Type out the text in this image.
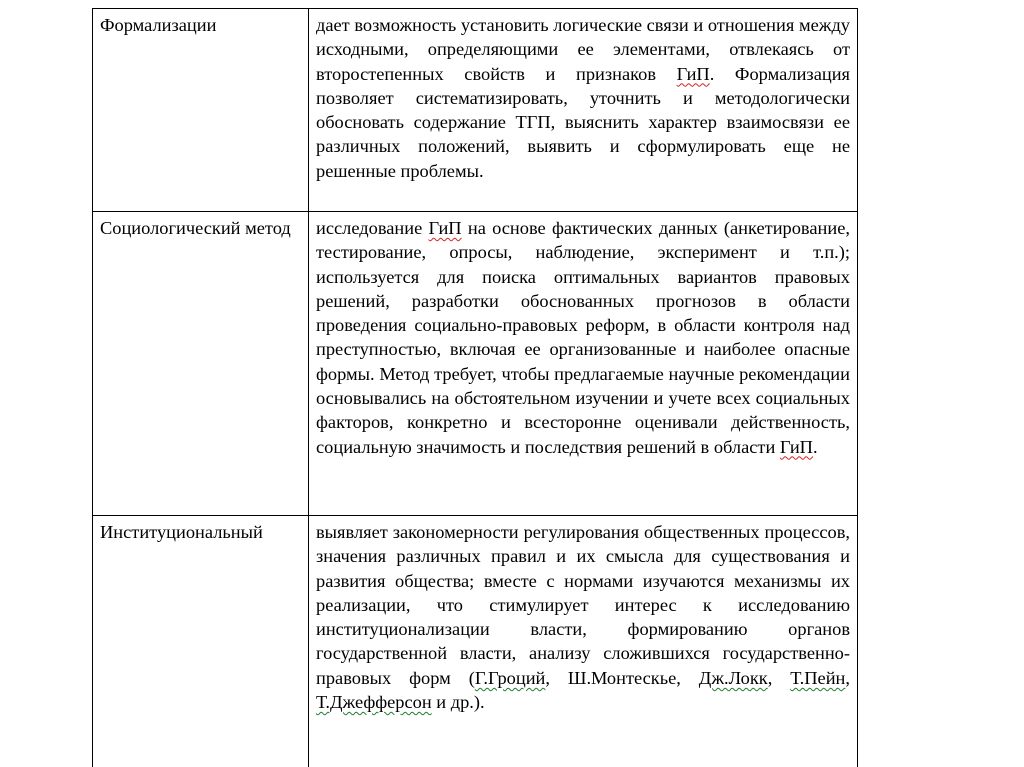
Формализации	дает возможность установить логические связи и отношения между исходными, определяющими ее элементами, отвлекаясь от второстепенных свойств и признаков ГиП. Формализация позволяет систематизировать, уточнить и методологически обосновать содержание ТГП, выяснить характер взаимосвязи ее различных положений, выявить и сформулировать еще не решенные проблемы.
Социологический метод	исследование ГиП на основе фактических данных (анкетирование, тестирование, опросы, наблюдение, эксперимент и т.п.); используется для поиска оптимальных вариантов правовых решений, разработки обоснованных прогнозов в области проведения социально-правовых реформ, в области контроля над преступностью, включая ее организованные и наиболее опасные формы. Метод требует, чтобы предлагаемые научные рекомендации основывались на обстоятельном изучении и учете всех социальных факторов, конкретно и всесторонне оценивали действенность, социальную значимость и последствия решений в области ГиП.
Институциональный	выявляет закономерности регулирования общественных процессов, значения различных правил и их смысла для существования и развития общества; вместе с нормами изучаются механизмы их реализации, что стимулирует интерес к исследованию институционализации власти, формированию органов государственной власти, анализу сложившихся государственно-правовых форм (Г.Гроций, Ш.Монтескье, Дж.Локк, Т.Пейн, Т.Джефферсон и др.).
